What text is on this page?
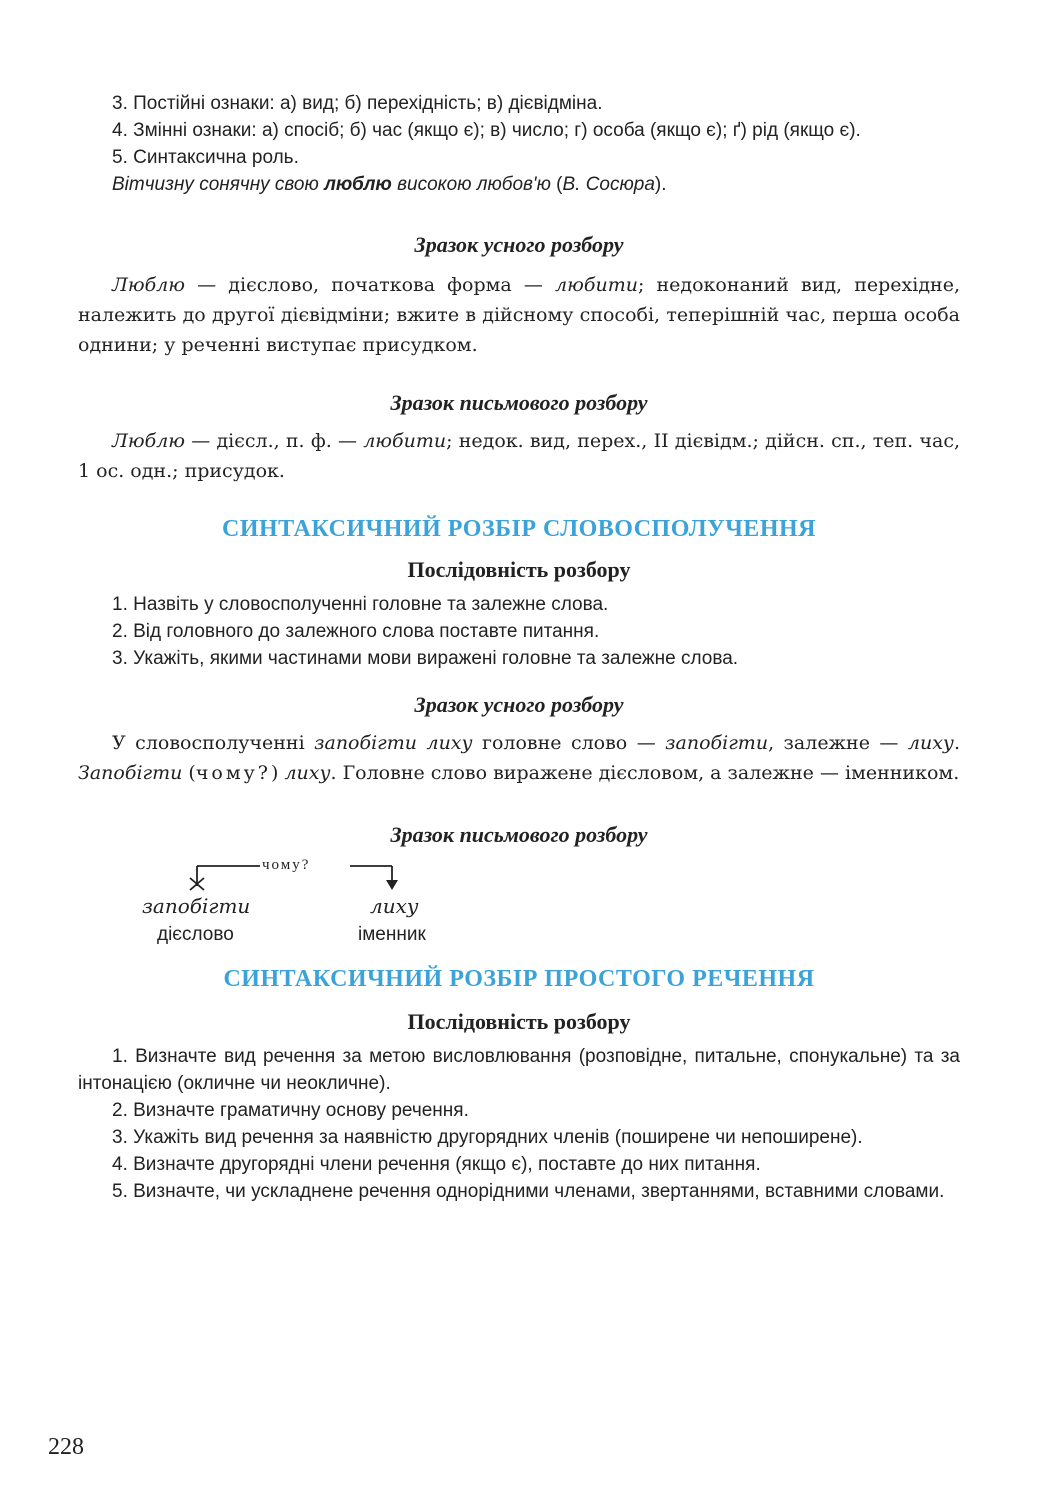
3. Постійні ознаки: а) вид; б) перехідність; в) дієвідміна.

4. Змінні ознаки: а) спосіб; б) час (якщо є); в) число; г) особа (якщо є); ґ) рід (якщо є).

5. Синтаксична роль.

Вітчизну сонячну свою люблю високою любов'ю (В. Сосюра).

Зразок усного розбору

Люблю — дієслово, початкова форма — любити; недоконаний вид, перехідне, належить до другої дієвідміни; вжите в дійсному способі, теперішній час, перша особа однини; у реченні виступає присудком.

Зразок письмового розбору

Люблю — дієсл., п. ф. — любити; недок. вид, перех., ІІ дієвідм.; дійсн. сп., теп. час, 1 ос. одн.; присудок.

СИНТАКСИЧНИЙ РОЗБІР СЛОВОСПОЛУЧЕННЯ

Послідовність розбору

1. Назвіть у словосполученні головне та залежне слова.

2. Від головного до залежного слова поставте питання.

3. Укажіть, якими частинами мови виражені головне та залежне слова.

Зразок усного розбору

У словосполученні запобігти лиху головне слово — запобігти, залежне — лиху. Запобігти (чому?) лиху. Головне слово виражене дієсловом, а залежне — іменником.

Зразок письмового розбору

чому?
запобігти
дієслово
лиху
іменник

СИНТАКСИЧНИЙ РОЗБІР ПРОСТОГО РЕЧЕННЯ

Послідовність розбору

1. Визначте вид речення за метою висловлювання (розповідне, питальне, спонукальне) та за інтонацією (окличне чи неокличне).

2. Визначте граматичну основу речення.

3. Укажіть вид речення за наявністю другорядних членів (поширене чи непоширене).

4. Визначте другорядні члени речення (якщо є), поставте до них питання.

5. Визначте, чи ускладнене речення однорідними членами, звертаннями, вставними словами.

228
